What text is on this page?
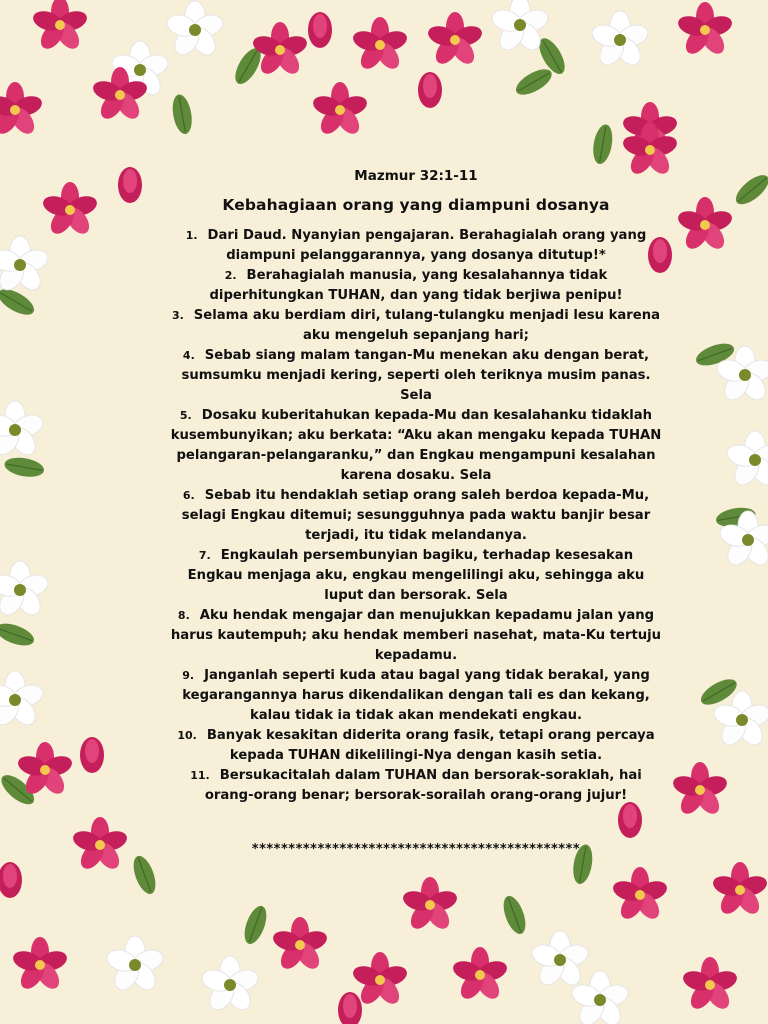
Mazmur 32:1-11
Kebahagiaan orang yang diampuni dosanya
1. Dari Daud. Nyanyian pengajaran. Berahagialah orang yang diampuni pelanggarannya, yang dosanya ditutup!*
2. Berahagialah manusia, yang kesalahannya tidak diperhitungkan TUHAN, dan yang tidak berjiwa penipu!
3. Selama aku berdiam diri, tulang-tulangku menjadi lesu karena aku mengeluh sepanjang hari;
4. Sebab siang malam tangan-Mu menekan aku dengan berat, sumsumku menjadi kering, seperti oleh teriknya musim panas. Sela
5. Dosaku kuberitahukan kepada-Mu dan kesalahanku tidaklah kusembunyikan; aku berkata: “Aku akan mengaku kepada TUHAN pelangaran-pelangaranku,” dan Engkau mengampuni kesalahan karena dosaku. Sela
6. Sebab itu hendaklah setiap orang saleh berdoa kepada-Mu, selagi Engkau ditemui; sesungguhnya pada waktu banjir besar terjadi, itu tidak melandanya.
7. Engkaulah persembunyian bagiku, terhadap kesesakan Engkau menjaga aku, engkau mengelilingi aku, sehingga aku luput dan bersorak. Sela
8. Aku hendak mengajar dan menujukkan kepadamu jalan yang harus kautempuh; aku hendak memberi nasehat, mata-Ku tertuju kepadamu.
9. Janganlah seperti kuda atau bagal yang tidak berakal, yang kegarangannya harus dikendalikan dengan tali es dan kekang, kalau tidak ia tidak akan mendekati engkau.
10. Banyak kesakitan diderita orang fasik, tetapi orang percaya kepada TUHAN dikelilingi-Nya dengan kasih setia.
11. Bersukacitalah dalam TUHAN dan bersorak-soraklah, hai orang-orang benar; bersorak-sorailah orang-orang jujur!
*********************************************
